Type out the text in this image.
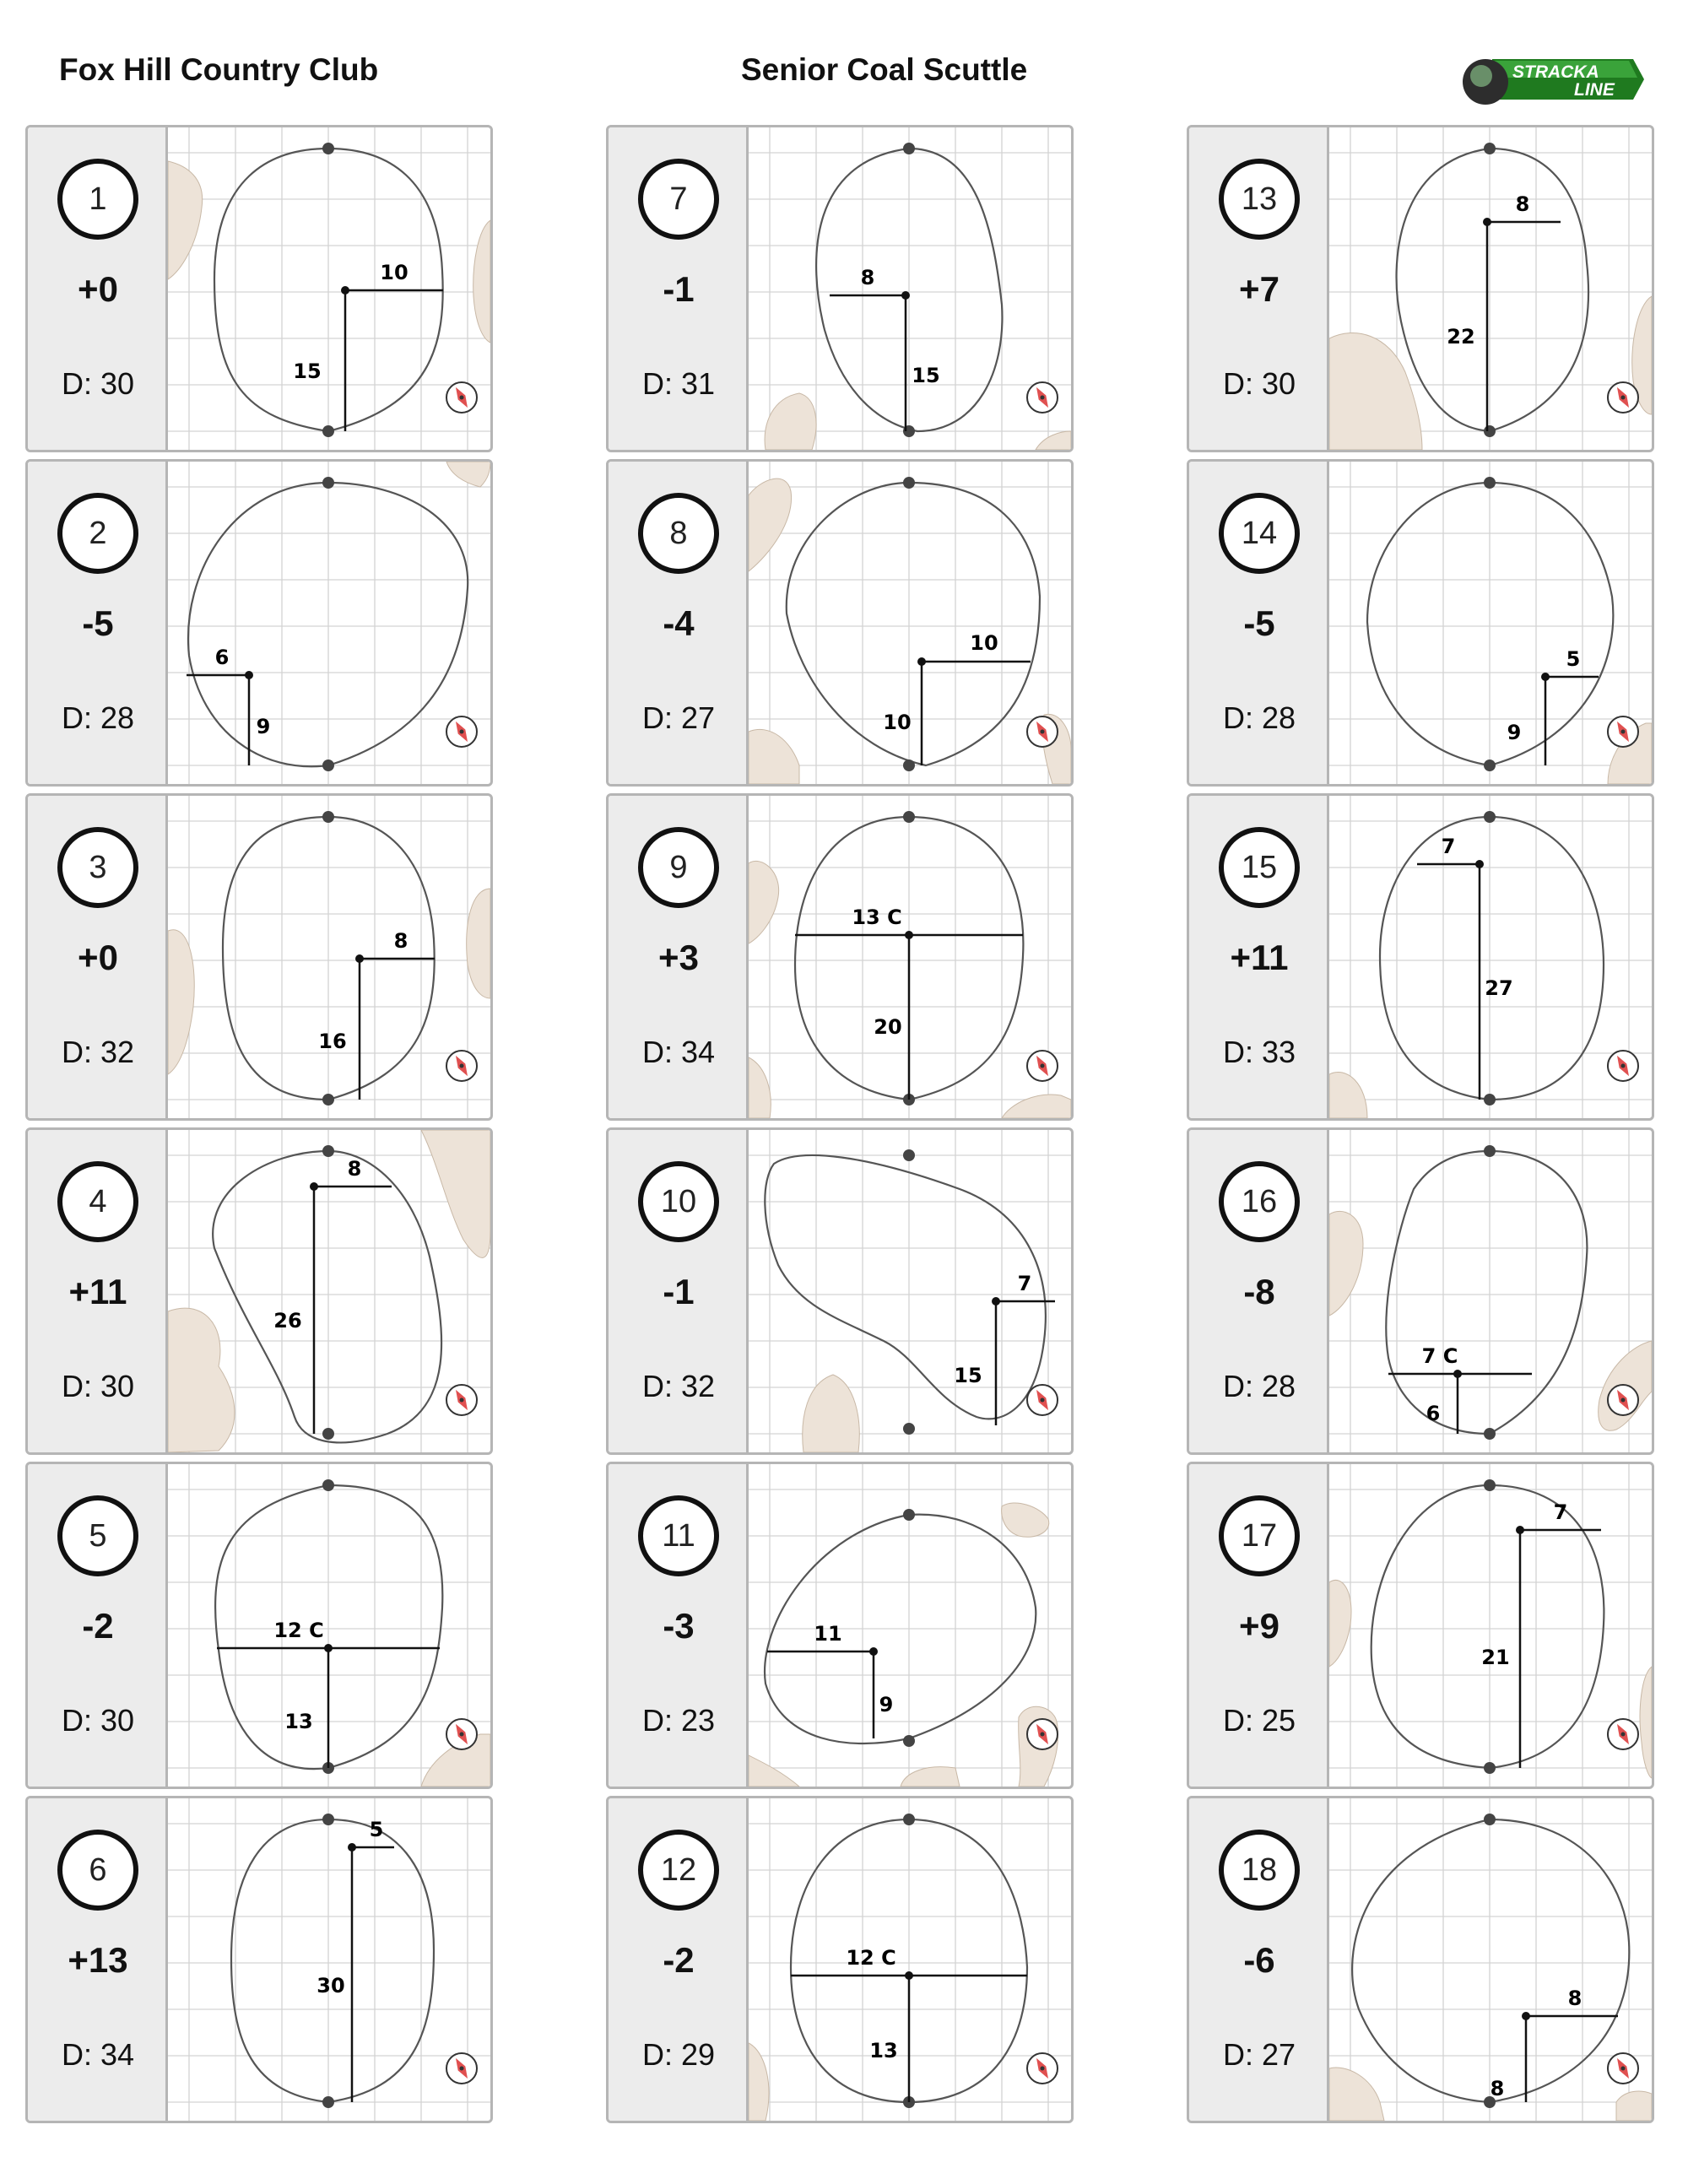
Fox Hill Country Club	Senior Coal Scuttle	STRACKA
LINE
1
+0
D: 30	15
10
2
-5
D: 28	9
6
3
+0
D: 32	16
8
4
+11
D: 30
26
8
5
-2
D: 30	13
12 C
6
+13
D: 34
30
5
7
-1
D: 31	15
8
8
-4
D: 27	10
10
9
+3
D: 34
20
13 C
10
-1
D: 32	15
7
11
-3
D: 23	9
11
12
-2
D: 29	13
12 C
13
+7
D: 30
22
8
14
-5
D: 28	9
5
15
+11
D: 33
27
7
16
-8
D: 28
6
7 C
17
+9
D: 25
21
7
18
-6
D: 27
8
8
